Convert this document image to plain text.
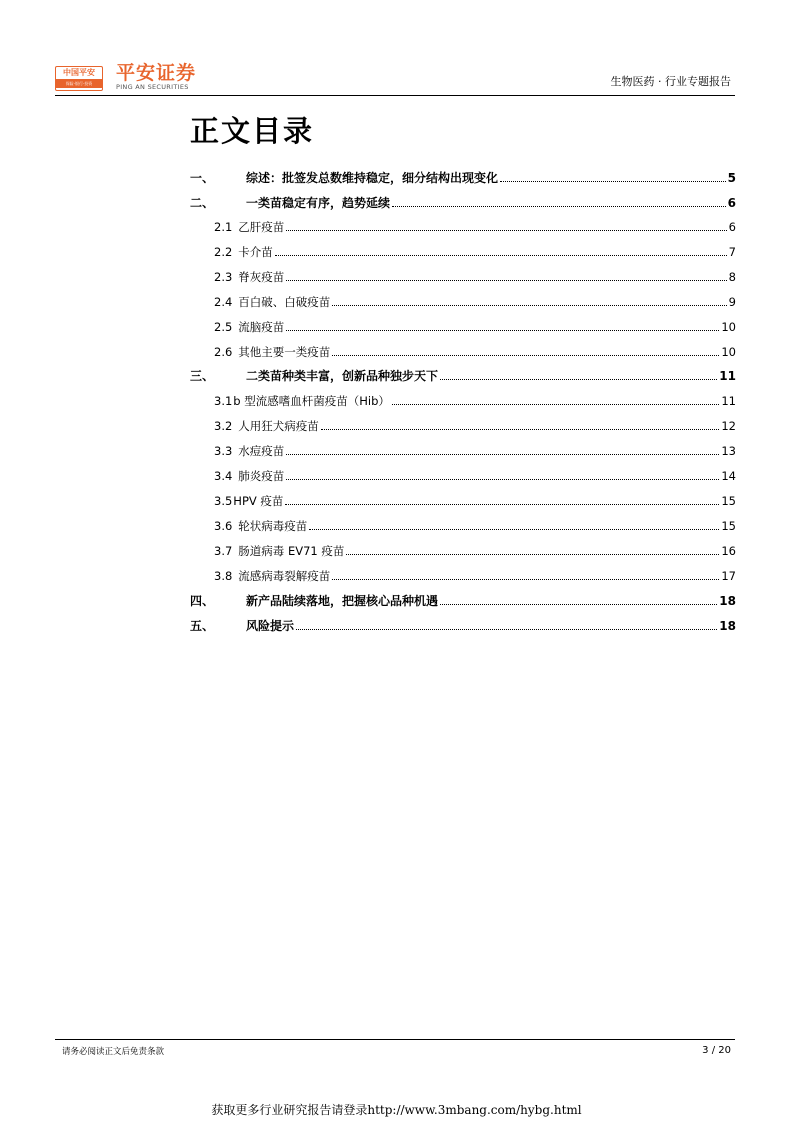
中国平安
保险·银行·投资	平安证券
PING AN SECURITIES	生物医药 · 行业专题报告
正文目录
一、	综述：批签发总数维持稳定，细分结构出现变化	5
二、	一类苗稳定有序，趋势延续	6
2.1 乙肝疫苗	6
2.2 卡介苗	7
2.3 脊灰疫苗	8
2.4 百白破、白破疫苗	9
2.5 流脑疫苗	10
2.6 其他主要一类疫苗	10
三、	二类苗种类丰富，创新品种独步天下	11
3.1 b 型流感嗜血杆菌疫苗（Hib）	11
3.2 人用狂犬病疫苗	12
3.3 水痘疫苗	13
3.4 肺炎疫苗	14
3.5 HPV 疫苗	15
3.6 轮状病毒疫苗	15
3.7 肠道病毒 EV71 疫苗	16
3.8 流感病毒裂解疫苗	17
四、	新产品陆续落地，把握核心品种机遇	18
五、	风险提示	18
请务必阅读正文后免责条款	3 / 20
获取更多行业研究报告请登录http://www.3mbang.com/hybg.html
